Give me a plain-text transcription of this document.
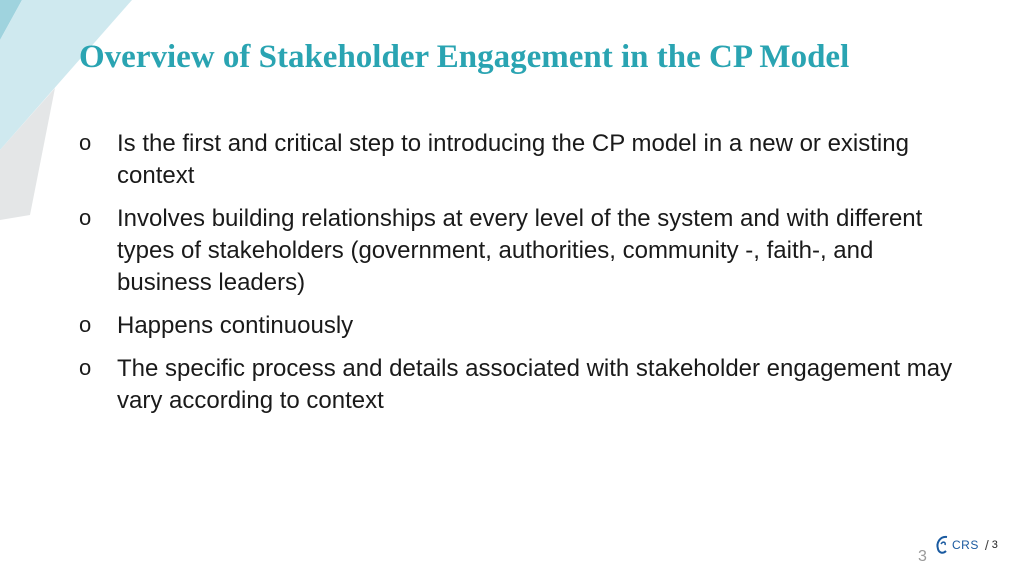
Overview of Stakeholder Engagement in the CP Model
o	Is the first and critical step to introducing the CP model in a new or existing context
o	Involves building relationships at every level of the system and with different types of stakeholders (government, authorities, community -, faith-, and business leaders)
o	Happens continuously
o	The specific process and details associated with stakeholder engagement may vary according to context
CRS / 3
3
